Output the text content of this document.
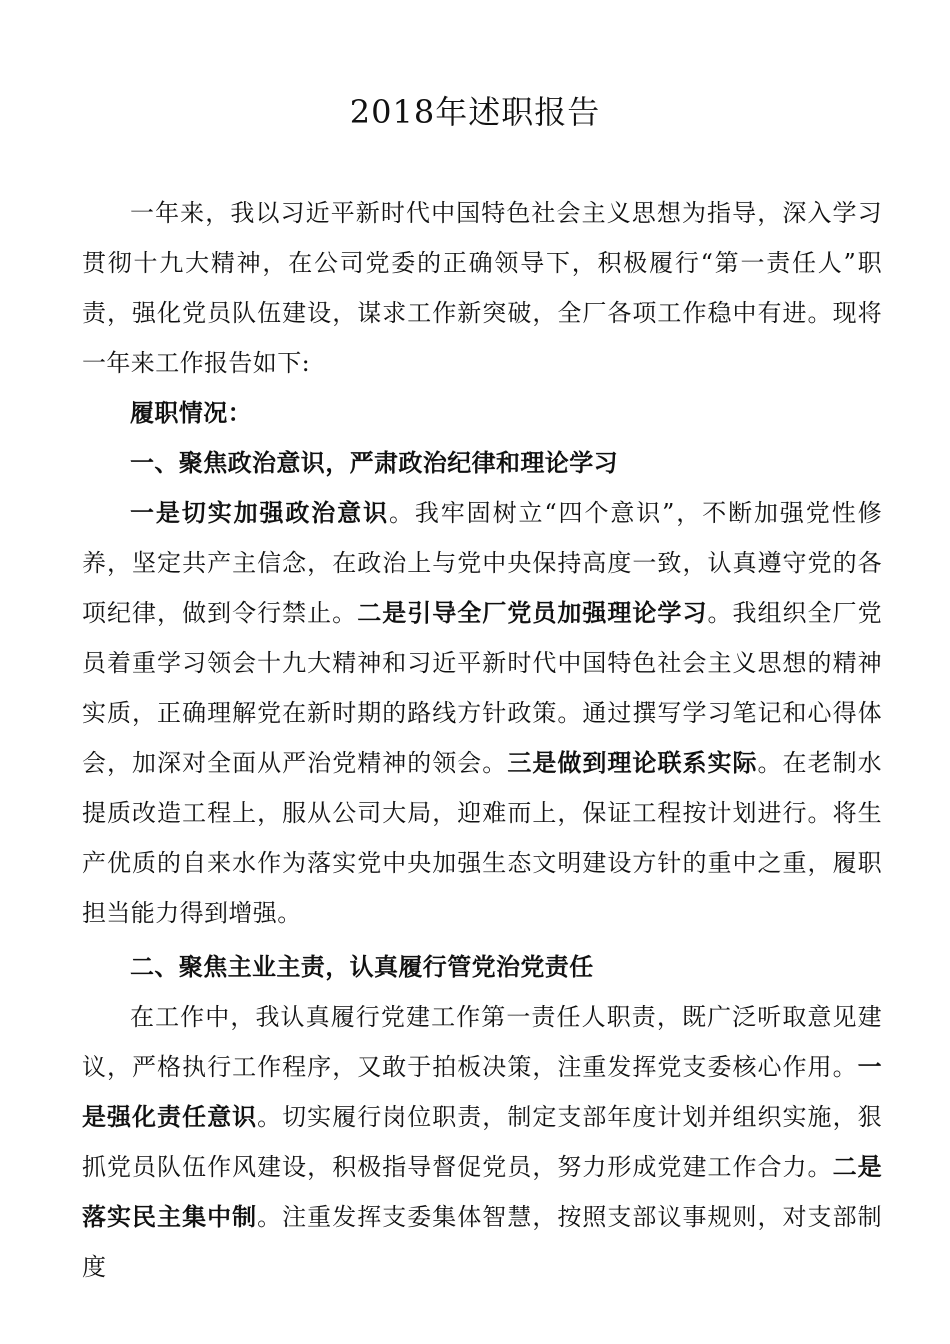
2018年述职报告

一年来，我以习近平新时代中国特色社会主义思想为指导，深入学习贯彻十九大精神，在公司党委的正确领导下，积极履行“第一责任人”职责，强化党员队伍建设，谋求工作新突破，全厂各项工作稳中有进。现将一年来工作报告如下:

履职情况：

一、聚焦政治意识，严肃政治纪律和理论学习

一是切实加强政治意识。我牢固树立“四个意识”，不断加强党性修养，坚定共产主信念，在政治上与党中央保持高度一致，认真遵守党的各项纪律，做到令行禁止。二是引导全厂党员加强理论学习。我组织全厂党员着重学习领会十九大精神和习近平新时代中国特色社会主义思想的精神实质，正确理解党在新时期的路线方针政策。通过撰写学习笔记和心得体会，加深对全面从严治党精神的领会。三是做到理论联系实际。在老制水提质改造工程上，服从公司大局，迎难而上，保证工程按计划进行。将生产优质的自来水作为落实党中央加强生态文明建设方针的重中之重，履职担当能力得到增强。

二、聚焦主业主责，认真履行管党治党责任

在工作中，我认真履行党建工作第一责任人职责，既广泛听取意见建议，严格执行工作程序，又敢于拍板决策，注重发挥党支委核心作用。一是强化责任意识。切实履行岗位职责，制定支部年度计划并组织实施，狠抓党员队伍作风建设，积极指导督促党员，努力形成党建工作合力。二是落实民主集中制。注重发挥支委集体智慧，按照支部议事规则，对支部制度
